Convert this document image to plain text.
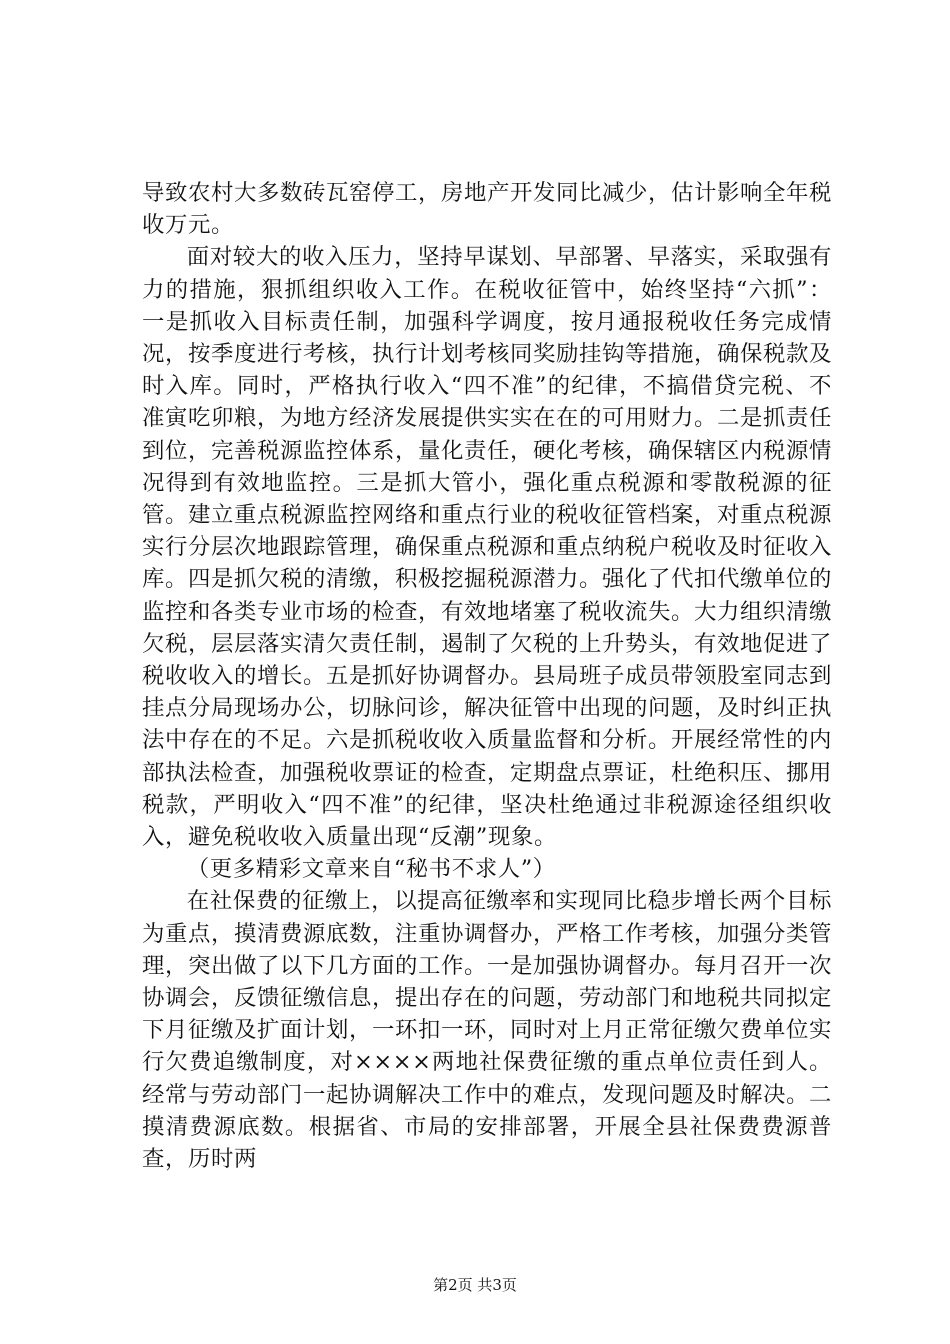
导致农村大多数砖瓦窑停工，房地产开发同比减少，估计影响全年税收万元。

面对较大的收入压力，坚持早谋划、早部署、早落实，采取强有力的措施，狠抓组织收入工作。在税收征管中，始终坚持“六抓”：一是抓收入目标责任制，加强科学调度，按月通报税收任务完成情况，按季度进行考核，执行计划考核同奖励挂钩等措施，确保税款及时入库。同时，严格执行收入“四不准”的纪律，不搞借贷完税、不准寅吃卯粮，为地方经济发展提供实实在在的可用财力。二是抓责任到位，完善税源监控体系，量化责任，硬化考核，确保辖区内税源情况得到有效地监控。三是抓大管小，强化重点税源和零散税源的征管。建立重点税源监控网络和重点行业的税收征管档案，对重点税源实行分层次地跟踪管理，确保重点税源和重点纳税户税收及时征收入库。四是抓欠税的清缴，积极挖掘税源潜力。强化了代扣代缴单位的监控和各类专业市场的检查，有效地堵塞了税收流失。大力组织清缴欠税，层层落实清欠责任制，遏制了欠税的上升势头，有效地促进了税收收入的增长。五是抓好协调督办。县局班子成员带领股室同志到挂点分局现场办公，切脉问诊，解决征管中出现的问题，及时纠正执法中存在的不足。六是抓税收收入质量监督和分析。开展经常性的内部执法检查，加强税收票证的检查，定期盘点票证，杜绝积压、挪用税款，严明收入“四不准”的纪律，坚决杜绝通过非税源途径组织收入，避免税收收入质量出现“反潮”现象。

（更多精彩文章来自“秘书不求人”）

在社保费的征缴上，以提高征缴率和实现同比稳步增长两个目标为重点，摸清费源底数，注重协调督办，严格工作考核，加强分类管理，突出做了以下几方面的工作。一是加强协调督办。每月召开一次协调会，反馈征缴信息，提出存在的问题，劳动部门和地税共同拟定下月征缴及扩面计划，一环扣一环，同时对上月正常征缴欠费单位实行欠费追缴制度，对××××两地社保费征缴的重点单位责任到人。经常与劳动部门一起协调解决工作中的难点，发现问题及时解决。二摸清费源底数。根据省、市局的安排部署，开展全县社保费费源普查，历时两

第2页 共3页
